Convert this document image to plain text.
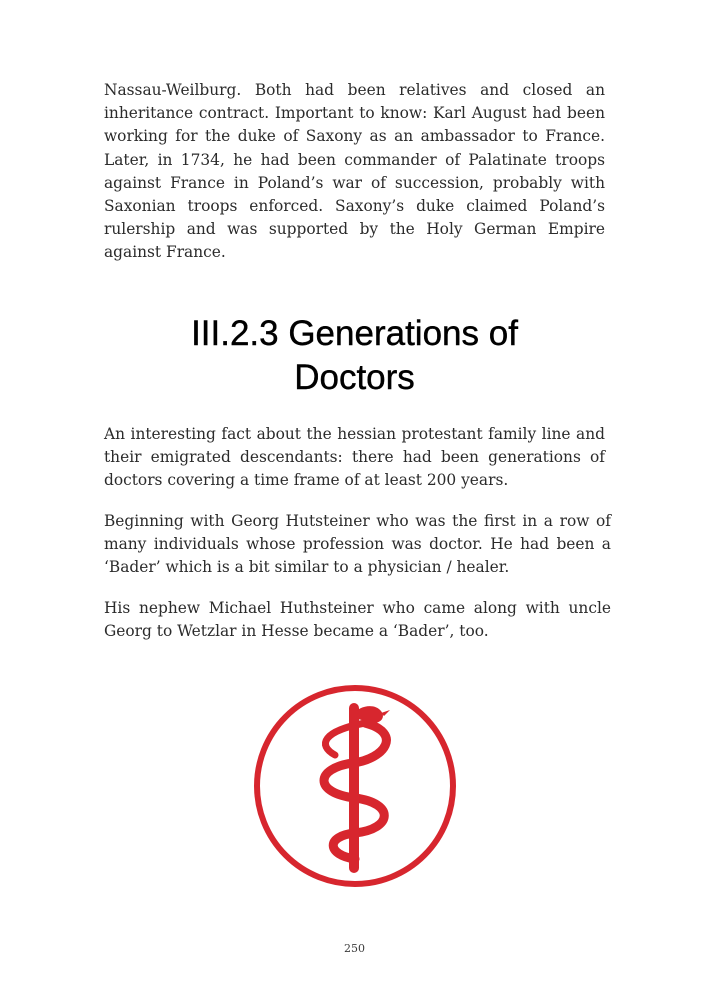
Nassau-Weilburg. Both had been relatives and closed an inheritance contract. Important to know: Karl August had been working for the duke of Saxony as an ambassador to France. Later, in 1734, he had been commander of Palatinate troops against France in Poland’s war of succession, probably with Saxonian troops enforced. Saxony’s duke claimed Poland’s rulership and was supported by the Holy German Empire against France.

III.2.3 Generations of
Doctors

An interesting fact about the hessian protestant family line and their emigrated descendants: there had been generations of doctors covering a time frame of at least 200 years.

Beginning with Georg Hutsteiner who was the first in a row of many individuals whose profession was doctor. He had been a ‘Bader’ which is a bit similar to a physician / healer.

His nephew Michael Huthsteiner who came along with uncle Georg to Wetzlar in Hesse became a ‘Bader’, too.

250
